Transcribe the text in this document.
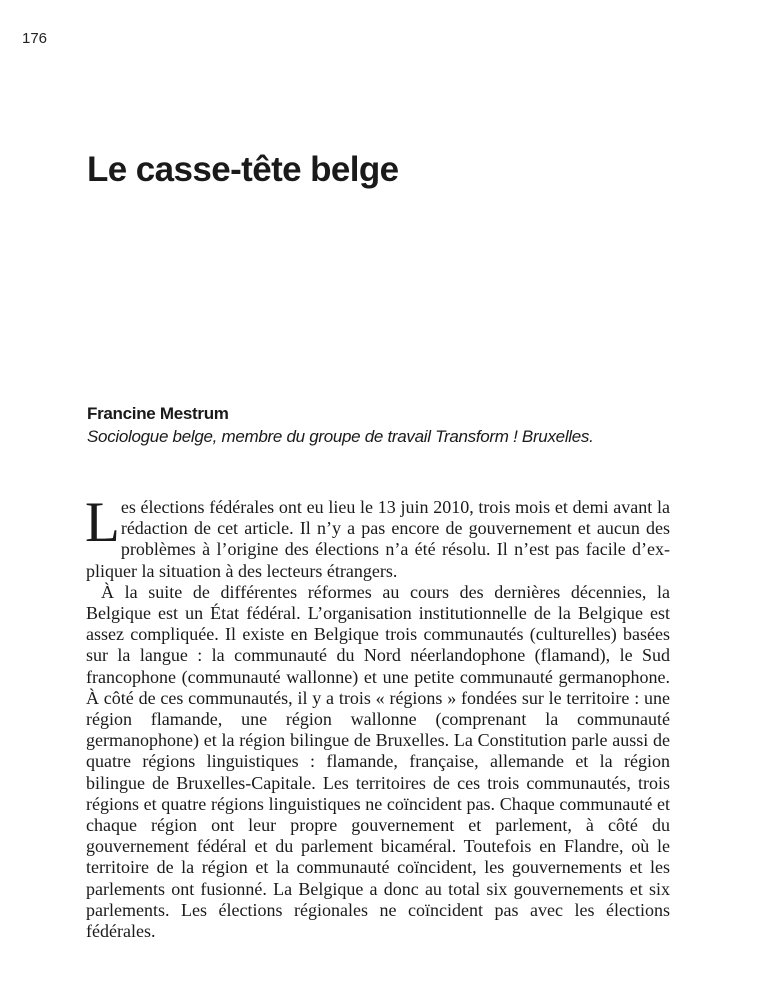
176
Le casse-tête belge
Francine Mestrum
Sociologue belge, membre du groupe de travail Transform ! Bruxelles.

Les élections fédérales ont eu lieu le 13 juin 2010, trois mois et demi avant la rédaction de cet article. Il n’y a pas encore de gouvernement et aucun des problèmes à l’origine des élections n’a été résolu. Il n’est pas facile d’expliquer la situation à des lecteurs étrangers.

À la suite de différentes réformes au cours des dernières décennies, la Belgique est un État fédéral. L’organisation institutionnelle de la Belgique est assez compliquée. Il existe en Belgique trois communautés (culturelles) basées sur la langue : la communauté du Nord néerlandophone (flamand), le Sud francophone (communauté wallonne) et une petite communauté germanophone. À côté de ces communautés, il y a trois « régions » fondées sur le territoire : une région flamande, une région wallonne (comprenant la communauté germanophone) et la région bilingue de Bruxelles. La Constitution parle aussi de quatre régions linguistiques : flamande, française, allemande et la région bilingue de Bruxelles-Capitale. Les territoires de ces trois communautés, trois régions et quatre régions linguistiques ne coïncident pas. Chaque communauté et chaque région ont leur propre gouvernement et parlement, à côté du gouvernement fédéral et du parlement bicaméral. Toutefois en Flandre, où le territoire de la région et la communauté coïncident, les gouvernements et les parlements ont fusionné. La Belgique a donc au total six gouvernements et six parlements. Les élections régionales ne coïncident pas avec les élections fédérales.
